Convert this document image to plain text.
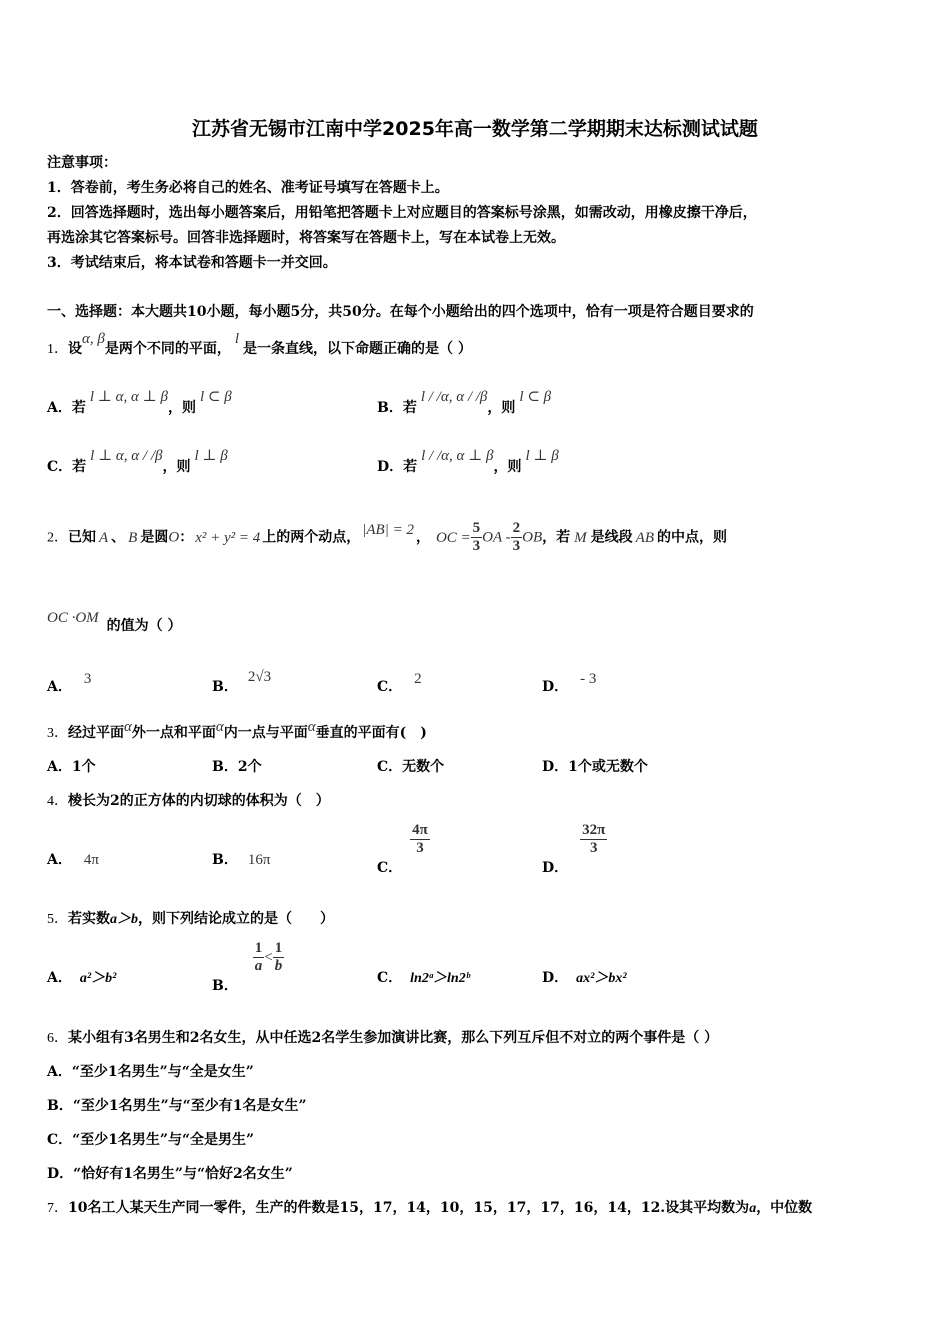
江苏省无锡市江南中学2025年高一数学第二学期期末达标测试试题
注意事项：
1．答卷前，考生务必将自己的姓名、准考证号填写在答题卡上。
2．回答选择题时，选出每小题答案后，用铅笔把答题卡上对应题目的答案标号涂黑，如需改动，用橡皮擦干净后，
再选涂其它答案标号。回答非选择题时，将答案写在答题卡上，写在本试卷上无效。
3．考试结束后，将本试卷和答题卡一并交回。
一、选择题：本大题共10小题，每小题5分，共50分。在每个小题给出的四个选项中，恰有一项是符合题目要求的
1．设α, β是两个不同的平面，l是一条直线，以下命题正确的是（ ）
A．若l ⊥ α, α ⊥ β，则l ⊂ β
B．若l / /α, α / /β，则l ⊂ β
C．若l ⊥ α, α / /β，则l ⊥ β
D．若l / /α, α ⊥ β，则l ⊥ β
2．已知 A 、 B 是圆O： x² + y² = 4 上的两个动点， |AB| = 2 ， OC = $\frac{5}{3}$ OA - $\frac{2}{3}$ OB，若 M 是线段 AB 的中点，则
OC ·OM 的值为（ ）
A． 3	B．2√3
C． 2	D． - 3
3．经过平面α外一点和平面α内一点与平面α垂直的平面有(　)
A．1个	B．2个	C．无数个	D．1个或无数个
4．棱长为2的正方体的内切球的体积为（　）
A． 4π	B． 16π	C．
$\frac{4\pi}{3}$
D．
$\frac{32\pi}{3}$
5．若实数a＞b，则下列结论成立的是（　　）
A． a²＞b²	B．
$\frac{1}{a} < \frac{1}{b}$
C． ln2ᵃ＞ln2ᵇ	D． ax²＞bx²
6．某小组有3名男生和2名女生，从中任选2名学生参加演讲比赛，那么下列互斥但不对立的两个事件是（ ）
A．“至少1名男生”与“全是女生”
B．“至少1名男生”与“至少有1名是女生”
C．“至少1名男生”与“全是男生”
D．“恰好有1名男生”与“恰好2名女生”
7．10名工人某天生产同一零件，生产的件数是15，17，14，10，15，17，17，16，14，12.设其平均数为a，中位数
